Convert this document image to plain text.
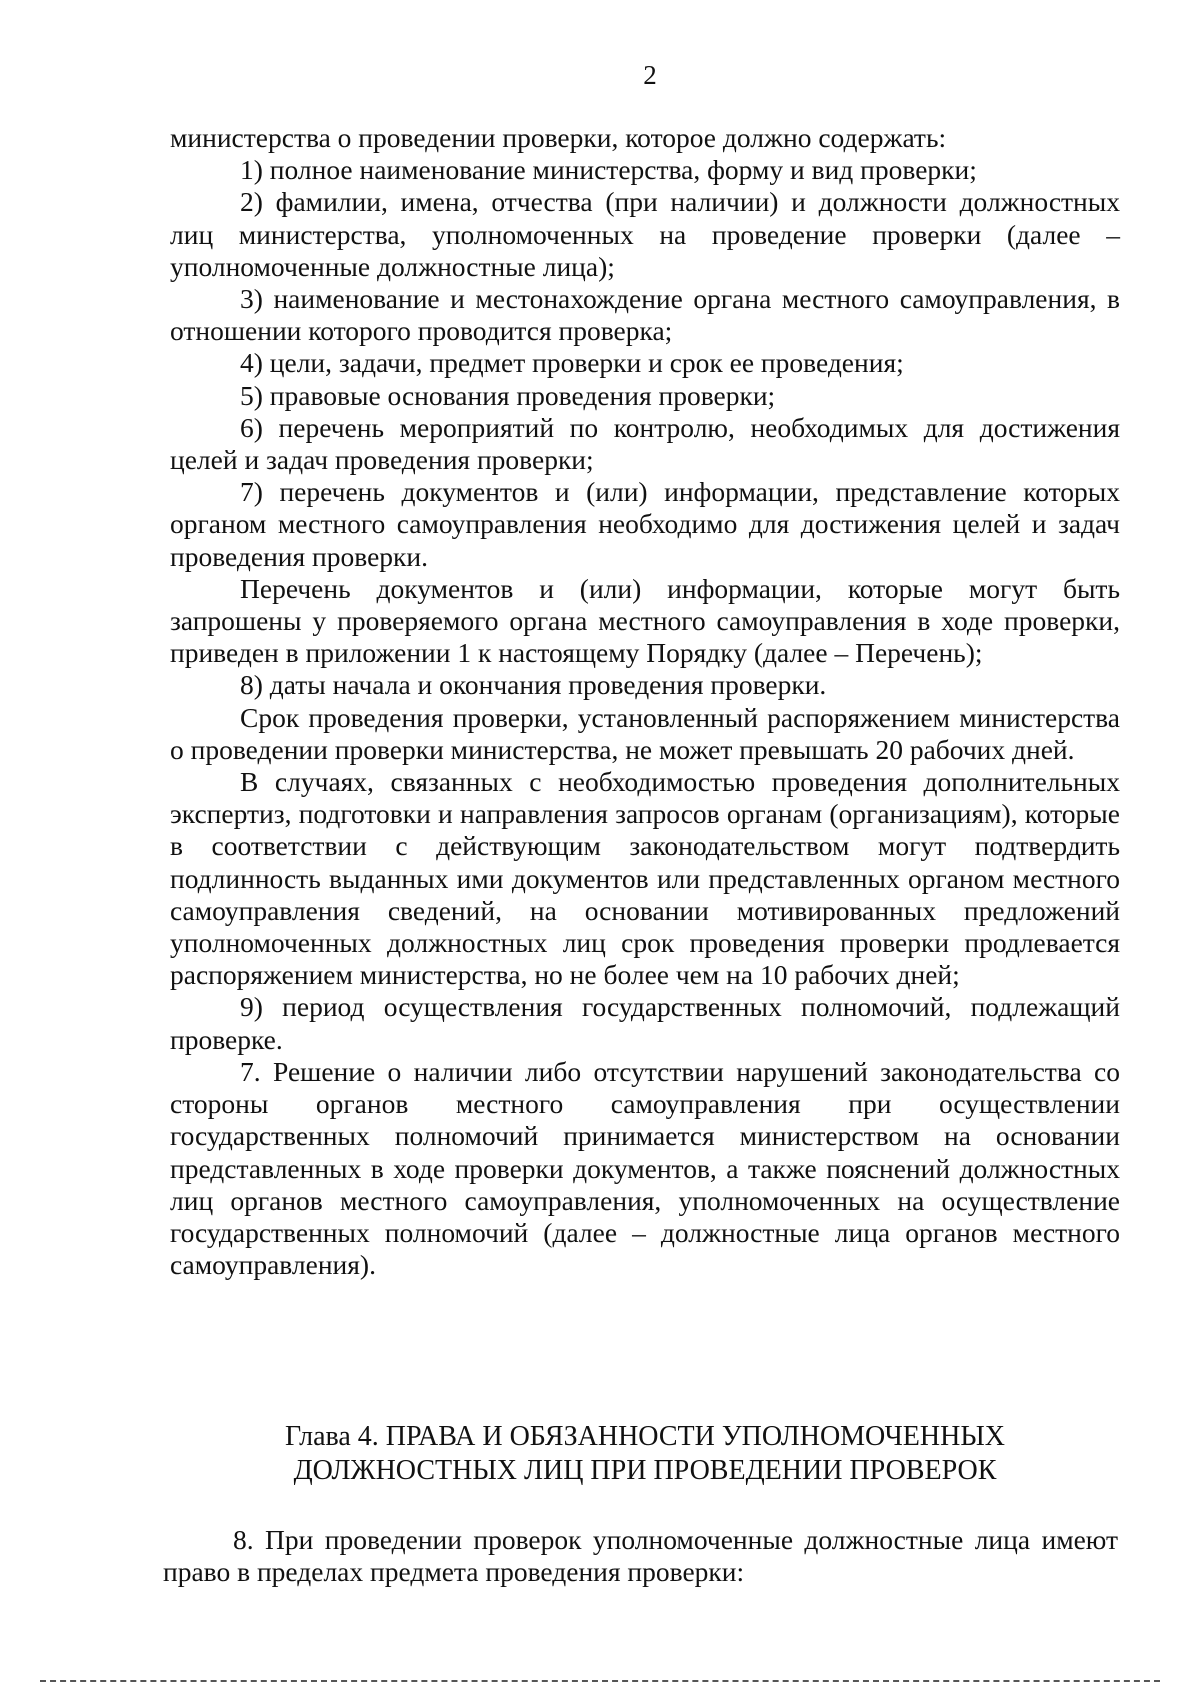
2

министерства о проведении проверки, которое должно содержать:

1) полное наименование министерства, форму и вид проверки;

2) фамилии, имена, отчества (при наличии) и должности должностных лиц министерства, уполномоченных на проведение проверки (далее – уполномоченные должностные лица);

3) наименование и местонахождение органа местного самоуправления, в отношении которого проводится проверка;

4) цели, задачи, предмет проверки и срок ее проведения;

5) правовые основания проведения проверки;

6) перечень мероприятий по контролю, необходимых для достижения целей и задач проведения проверки;

7) перечень документов и (или) информации, представление которых органом местного самоуправления необходимо для достижения целей и задач проведения проверки.

Перечень документов и (или) информации, которые могут быть запрошены у проверяемого органа местного самоуправления в ходе проверки, приведен в приложении 1 к настоящему Порядку (далее – Перечень);

8) даты начала и окончания проведения проверки.

Срок проведения проверки, установленный распоряжением министерства о проведении проверки министерства, не может превышать 20 рабочих дней.

В случаях, связанных с необходимостью проведения дополнительных экспертиз, подготовки и направления запросов органам (организациям), которые в соответствии с действующим законодательством могут подтвердить подлинность выданных ими документов или представленных органом местного самоуправления сведений, на основании мотивированных предложений уполномоченных должностных лиц срок проведения проверки продлевается распоряжением министерства, но не более чем на 10 рабочих дней;

9) период осуществления государственных полномочий, подлежащий проверке.

7. Решение о наличии либо отсутствии нарушений законодательства со стороны органов местного самоуправления при осуществлении государственных полномочий принимается министерством на основании представленных в ходе проверки документов, а также пояснений должностных лиц органов местного самоуправления, уполномоченных на осуществление государственных полномочий (далее – должностные лица органов местного самоуправления).

Глава 4. ПРАВА И ОБЯЗАННОСТИ УПОЛНОМОЧЕННЫХ
ДОЛЖНОСТНЫХ ЛИЦ ПРИ ПРОВЕДЕНИИ ПРОВЕРОК

8. При проведении проверок уполномоченные должностные лица имеют право в пределах предмета проведения проверки:
